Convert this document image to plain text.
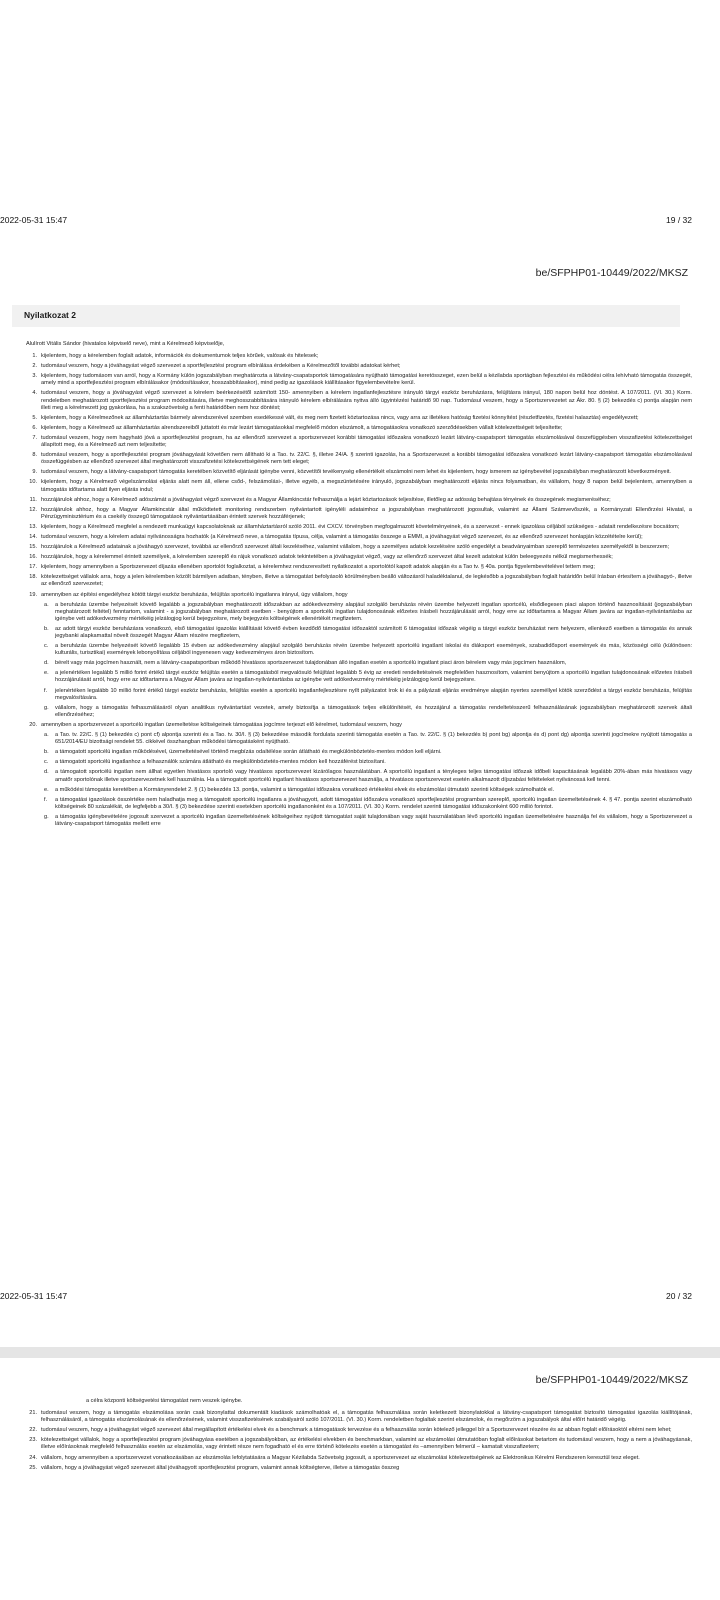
2022-05-31 15:47	19 / 32
be/SFPHP01-10449/2022/MKSZ
Nyilatkozat 2
Alulírott Vitális Sándor (hivatalos képviselő neve), mint a Kérelmező képviselője,
1. kijelentem, hogy a kérelemben foglalt adatok, információk és dokumentumok teljes körűek, valósak és hitelesek;
2. tudomásul veszem, hogy a jóváhagyást végző szervezet a sportfejlesztési program elbírálása érdekében a Kérelmezőtől további adatokat kérhet;
3. kijelentem, hogy tudomásom van arról, hogy a Kormány külön jogszabályban meghatározta a látvány-csapatsportok támogatására nyújtható támogatási keretösszeget, ezen belül a kézilabda sportágban fejlesztési és működési célra lehívható támogatás összegét, amely mind a sportfejlesztési program elbírálásakor (módosításakor, hosszabbításakor), mind pedig az igazolások kiállításakor figyelembevételre kerül.
4. tudomásul veszem, hogy a jóváhagyást végző szervezet a kérelem beérkezésétől számított 150- amennyiben a kérelem ingatlanfejlesztésre irányuló tárgyi eszköz beruházásra, felújításra irányul, 180 napon belül hoz döntést. A 107/2011. (VI. 30.) Korm. rendeletben meghatározott sportfejlesztési program módosítására, illetve meghosszabbítására irányuló kérelem elbírálására nyitva álló ügyintézési határidő 90 nap. Tudomásul veszem, hogy a Sportszervezetet az Ákr. 80. § (2) bekezdés c) pontja alapján nem illeti meg a kérelmezett jog gyakorlása, ha a szakszövetség a fenti határidőben nem hoz döntést;
5. kijelentem, hogy a Kérelmezőnek az államháztartás bármely alrendszerével szemben esedékessé vált, és meg nem fizetett köztartozása nincs, vagy arra az illetékes hatóság fizetési könnyítést (részletfizetés, fizetési halasztás) engedélyezett;
6. kijelentem, hogy a Kérelmező az államháztartás alrendszereiből juttatott és már lezárt támogatásokkal megfelelő módon elszámolt, a támogatásokra vonatkozó szerződésekben vállalt kötelezettségeit teljesítette;
7. tudomásul veszem, hogy nem hagyható jóvá a sportfejlesztési program, ha az ellenőrző szervezet a sportszervezet korábbi támogatási időszakra vonatkozó lezárt látvány-csapatsport támogatás elszámolásával összefüggésben visszafizetési kötelezettséget állapított meg, és a Kérelmező azt nem teljesítette;
8. tudomásul veszem, hogy a sportfejlesztési program jóváhagyását követően nem állítható ki a Tao. tv. 22/C. §, illetve 24/A. § szerinti igazolás, ha a Sportszervezet a korábbi támogatási időszakra vonatkozó lezárt látvány-csapatsport támogatás elszámolásával összefüggésben az ellenőrző szervezet által meghatározott visszafizetési kötelezettségének nem tett eleget;
9. tudomásul veszem, hogy a látvány-csapatsport támogatás keretében közvetítő eljárását igénybe venni, közvetítői tevékenység ellenértékét elszámolni nem lehet és kijelentem, hogy ismerem az igénybevétel jogszabályban meghatározott következményeit.
10. kijelentem, hogy a Kérelmező végelszámolási eljárás alatt nem áll, ellene csőd-, felszámolási-, illetve egyéb, a megszüntetésére irányuló, jogszabályban meghatározott eljárás nincs folyamatban, és vállalom, hogy 8 napon belül bejelentem, amennyiben a támogatás időtartama alatt ilyen eljárás indul;
11. hozzájárulok ahhoz, hogy a Kérelmező adószámát a jóváhagyást végző szervezet és a Magyar Államkincstár felhasználja a lejárt köztartozások teljesítése, illetőleg az adósság behajtása tényének és összegének megismeréséhez;
12. hozzájárulok ahhoz, hogy a Magyar Államkincstár által működtetett monitoring rendszerben nyilvántartott igényléli adataimhoz a jogszabályban meghatározott jogosultak, valamint az Állami Számvevőszék, a Kormányzati Ellenőrzési Hivatal, a Pénzügyminisztérium és a csekély összegű támogatások nyilvántartásában érintett szervek hozzáférjenek;
13. kijelentem, hogy a Kérelmező megfelel a rendezett munkaügyi kapcsolatoknak az államháztartásról szóló 2011. évi CXCV. törvényben megfogalmazott követelményeinek, és a szervezet - ennek igazolása céljából szükséges - adatait rendelkezésre bocsátom;
14. tudomásul veszem, hogy a kérelem adatai nyilvánosságra hozhatók (a Kérelmező neve, a támogatás típusa, célja, valamint a támogatás összege a EMMI, a jóváhagyást végző szervezet, és az ellenőrző szervezet honlapján közzétételre kerül);
15. hozzájárulok a Kérelmező adatainak a jóváhagyó szervezet, továbbá az ellenőrző szervezet általi kezeléséhez, valamint vállalom, hogy a személyes adatok kezelésére szóló engedélyt a beadványaimban szereplő természetes személyektől is beszerzem;
16. hozzájárulok, hogy a kérelemmel érintett személyek, a kérelemben szereplő és rájuk vonatkozó adatok tekintetében a jóváhagyást végző, vagy az ellenőrző szervezet által kezelt adatokat külön beleegyezés nélkül megismerhessék;
17. kijelentem, hogy amennyiben a Sportszervezet díjazás ellenében sportolót foglalkoztat, a kérelemhez rendszeresített nyilatkozatot a sportolótól kapott adatok alapján és a Tao tv. § 40a. pontja figyelembevételével tettem meg;
18. kötelezettséget vállalok arra, hogy a jelen kérelemben közölt bármilyen adatban, tényben, illetve a támogatást befolyásoló körülményben beálló változásról haladéktalanul, de legkésőbb a jogszabályban foglalt határidőn belül írásban értesítem a jóváhagyó-, illetve az ellenőrző szervezetet;
19. amennyiben az építési engedélyhez kötött tárgyi eszköz beruházás, felújítás sportcélú ingatlanra irányul, úgy vállalom, hogy
a. a beruházás üzembe helyezését követő legalább a jogszabályban meghatározott időszakban az adókedvezmény alapjául szolgáló beruházás révén üzembe helyezett ingatlan sportcélú, elsődlegesen piaci alapon történő hasznosítását (jogszabályban meghatározott feltétel) fenntartom, valamint - a jogszabályban meghatározott esetben - benyújtom a sportcélú ingatlan tulajdonosának előzetes írásbeli hozzájárulását arról, hogy erre az időtartamra a Magyar Állam javára az ingatlan-nyilvántartásba az igénybe vett adókedvezmény mértékéig jelzálogjog kerül bejegyzésre, mely bejegyzés költségének ellenértékét megfizetem.
b. az adott tárgyi eszköz beruházásra vonatkozó, első támogatási igazolás kiállítását követő évben kezdődő támogatási időszaktól számított 6 támogatási időszak végéig a tárgyi eszköz beruházást nem helyezem, ellenkező esetben a támogatás és annak jegybanki alapkamattal növelt összegét Magyar Állam részére megfizetem,
c. a beruházás üzembe helyezését követő legalább 15 évben az adókedvezmény alapjául szolgáló beruházás révén üzembe helyezett sportcélú ingatlant iskolai és diáksport események, szabadidősport események és más, közösségi célú (különösen: kulturális, turisztikai) események lebonyolítása céljából ingyenesen vagy kedvezményes áron biztosítom.
d. bérelt vagy más jogcímen használt, nem a látvány-csapatsportban működő hivatásos sportszervezet tulajdonában álló ingatlan esetén a sportcélú ingatlant piaci áron bérelem vagy más jogcímen használom,
e. a jelenértéken legalább 5 millió forint értékű tárgyi eszköz felújítás esetén a támogatásból megvalósuló felújítást legalább 5 évig az eredeti rendeltetésének megfelelően hasznosítom, valamint benyújtom a sportcélú ingatlan tulajdonosának előzetes írásbeli hozzájárulását arról, hogy erre az időtartamra a Magyar Állam javára az ingatlan-nyilvántartásba az igénybe vett adókedvezmény mértékéig jelzálogjog kerül bejegyzésre.
f. jelenértéken legalább 10 millió forint értékű tárgyi eszköz beruházás, felújítás esetén a sportcélú ingatlanfejlesztésre nyílt pályázatot írok ki és a pályázati eljárás eredménye alapján nyertes személlyel kötök szerződést a tárgyi eszköz beruházás, felújítás megvalósítására.
g. vállalom, hogy a támogatás felhasználásáról olyan analitikus nyilvántartást vezetek, amely biztosítja a támogatások teljes elkülönítését, és hozzájárul a támogatás rendeltetésszerű felhasználásának jogszabályban meghatározott szervek általi ellenőrzéséhez;
20. amennyiben a sportszervezet a sportcélú ingatlan üzemeltetése költségeinek támogatása jogcímre terjeszt elő kérelmet, tudomásul veszem, hogy
a. a Tao. tv. 22/C. § (1) bekezdés c) pont cf) alpontja szerinti és a Tao. tv. 30/I. § (3) bekezdése második fordulata szerinti támogatás esetén a Tao. tv. 22/C. § (1) bekezdés b) pont bg) alpontja és d) pont dg) alpontja szerinti jogcímekre nyújtott támogatás a 651/2014/EU bizottsági rendelet 55. cikkével összhangban működési támogatásként nyújtható.
b. a támogatott sportcélú ingatlan működésével, üzemeltetésével történő megbízás odaítélése során átlátható és megkülönböztetés-mentes módon kell eljárni.
c. a támogatott sportcélú ingatlanhoz a felhasználók számára átlátható és megkülönböztetés-mentes módon kell hozzáférést biztosítani.
d. a támogatott sportcélú ingatlan nem állhat egyetlen hivatásos sportoló vagy hivatásos sportszervezet kizárólagos használatában. A sportcélú ingatlant a tényleges teljes támogatási időszak időbeli kapacitásának legalább 20%-ában más hivatásos vagy amatőr sportolónak illetve sportszervezetnek kell használnia. Ha a támogatott sportcélú ingatlant hivatásos sportszervezet használja, a hivatásos sportszervezet esetén alkalmazott díjszabási feltételeket nyilvánossá kell tenni.
e. a működési támogatás keretében a Kormányrendelet 2. § (1) bekezdés 13. pontja, valamint a támogatási időszakra vonatkozó értékelési elvek és elszámolási útmutató szerinti költségek számolhatók el.
f. a támogatási igazolások összértéke nem haladhatja meg a támogatott sportcélú ingatlanra a jóváhagyott, adott támogatási időszakra vonatkozó sportfejlesztési programban szereplő, sportcélú ingatlan üzemeltetésének 4. § 47. pontja szerint elszámolható költségeinek 80 százalékát, de legfeljebb a 30/I. § (3) bekezdése szerinti esetekben sportcélú ingatlanonként és a 107/2011. (VI. 30.) Korm. rendelet szerinti támogatási időszakonként 600 millió forintot.
g. a támogatás igénybevételére jogosult szervezet a sportcélú ingatlan üzemeltetésének költségeihez nyújtott támogatást saját tulajdonában vagy saját használatában lévő sportcélú ingatlan üzemeltetésére használja fel és vállalom, hogy a Sportszervezet a látvány-csapatsport támogatás mellett erre
2022-05-31 15:47	20 / 32
be/SFPHP01-10449/2022/MKSZ
a célra központi költségvetési támogatást nem veszek igénybe.
21. tudomásul veszem, hogy a támogatás elszámolása során csak bizonylattal dokumentált kiadások számolhatóak el, a támogatás felhasználása során keletkezett bizonylatokkal a látvány-csapatsport támogatást biztosító támogatási igazolás kiállítójának, felhasználásáról, a támogatás elszámolásának és ellenőrzésének, valamint visszafizetésének szabályairól szóló 107/2011. (VI. 30.) Korm. rendeletben foglaltak szerint elszámolok, és megőrzöm a jogszabályok által előírt határidő végéig.
22. tudomásul veszem, hogy a jóváhagyást végző szervezet által megállapított értékelési elvek és a benchmark a támogatások tervezése és a felhasználás során kötelező jelleggel bír a Sportszervezet részére és az abban foglalt előírásoktól eltérni nem lehet;
23. kötelezettséget vállalok, hogy a sportfejlesztési program jóváhagyása esetében a jogszabályokban, az értékelési elvekben és benchmarkban, valamint az elszámolási útmutatóban foglalt előírásokat betartom és tudomásul veszem, hogy a nem a jóváhagyásnak, illetve előírásoknak megfelelő felhasználás esetén az elszámolás, vagy érintett része nem fogadható el és erre történő kötelezés esetén a támogatást és –amennyiben felmerül – kamatait visszafizetem;
24. vállalom, hogy amennyiben a sportszervezet vonatkozásában az elszámolás lefolytatására a Magyar Kézilabda Szövetség jogosult, a sportszervezet az elszámolási kötelezettségének az Elektronikus Kérelmi Rendszeren keresztül tesz eleget.
25. vállalom, hogy a jóváhagyást végző szervezet által jóváhagyott sportfejlesztési program, valamint annak költségterve, illetve a támogatás összeg
